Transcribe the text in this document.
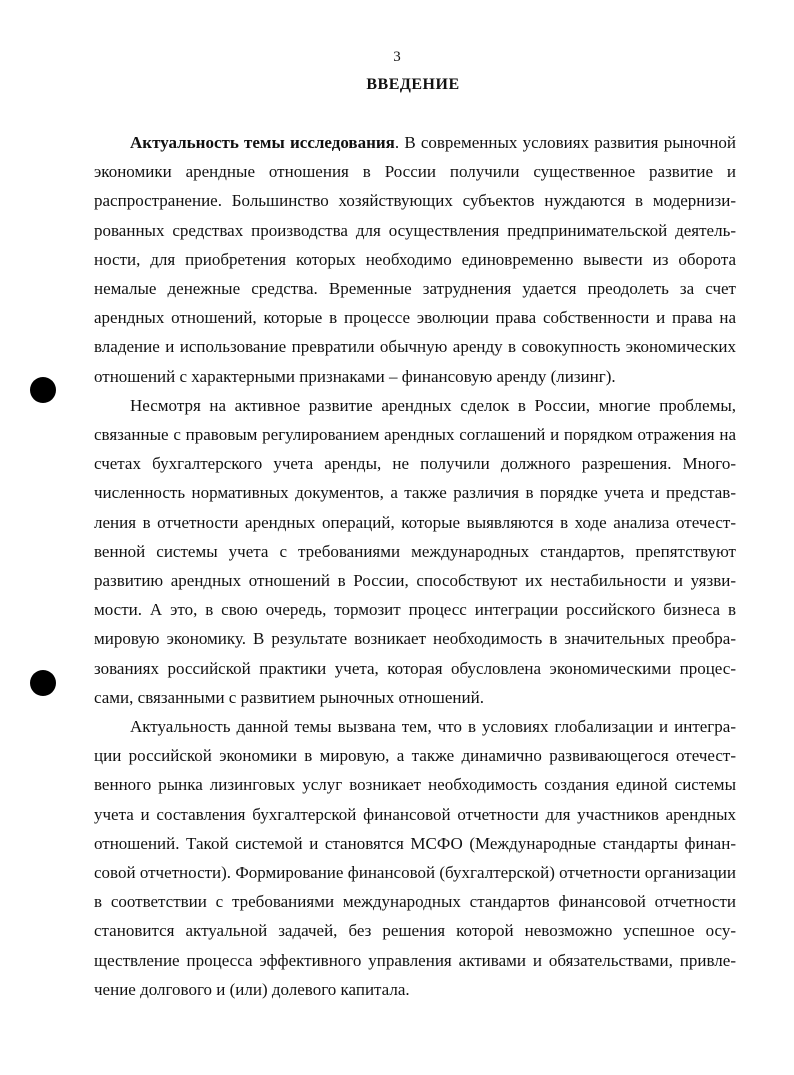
3
ВВЕДЕНИЕ

Актуальность темы исследования. В современных условиях развития рыночной экономики арендные отношения в России получили существенное развитие и распространение. Большинство хозяйствующих субъектов нуждаются в модернизированных средствах производства для осуществления предпринимательской деятельности, для приобретения которых необходимо единовременно вывести из оборота немалые денежные средства. Временные затруднения удается преодолеть за счет арендных отношений, которые в процессе эволюции права собственности и права на владение и использование превратили обычную аренду в совокупность экономических отношений с характерными признаками – финансовую аренду (лизинг).

Несмотря на активное развитие арендных сделок в России, многие проблемы, связанные с правовым регулированием арендных соглашений и порядком отражения на счетах бухгалтерского учета аренды, не получили должного разрешения. Многочисленность нормативных документов, а также различия в порядке учета и представления в отчетности арендных операций, которые выявляются в ходе анализа отечественной системы учета с требованиями международных стандартов, препятствуют развитию арендных отношений в России, способствуют их нестабильности и уязвимости. А это, в свою очередь, тормозит процесс интеграции российского бизнеса в мировую экономику. В результате возникает необходимость в значительных преобразованиях российской практики учета, которая обусловлена экономическими процессами, связанными с развитием рыночных отношений.

Актуальность данной темы вызвана тем, что в условиях глобализации и интеграции российской экономики в мировую, а также динамично развивающегося отечественного рынка лизинговых услуг возникает необходимость создания единой системы учета и составления бухгалтерской финансовой отчетности для участников арендных отношений. Такой системой и становятся МСФО (Международные стандарты финансовой отчетности). Формирование финансовой (бухгалтерской) отчетности организации в соответствии с требованиями международных стандартов финансовой отчетности становится актуальной задачей, без решения которой невозможно успешное осуществление процесса эффективного управления активами и обязательствами, привлечение долгового и (или) долевого капитала.
